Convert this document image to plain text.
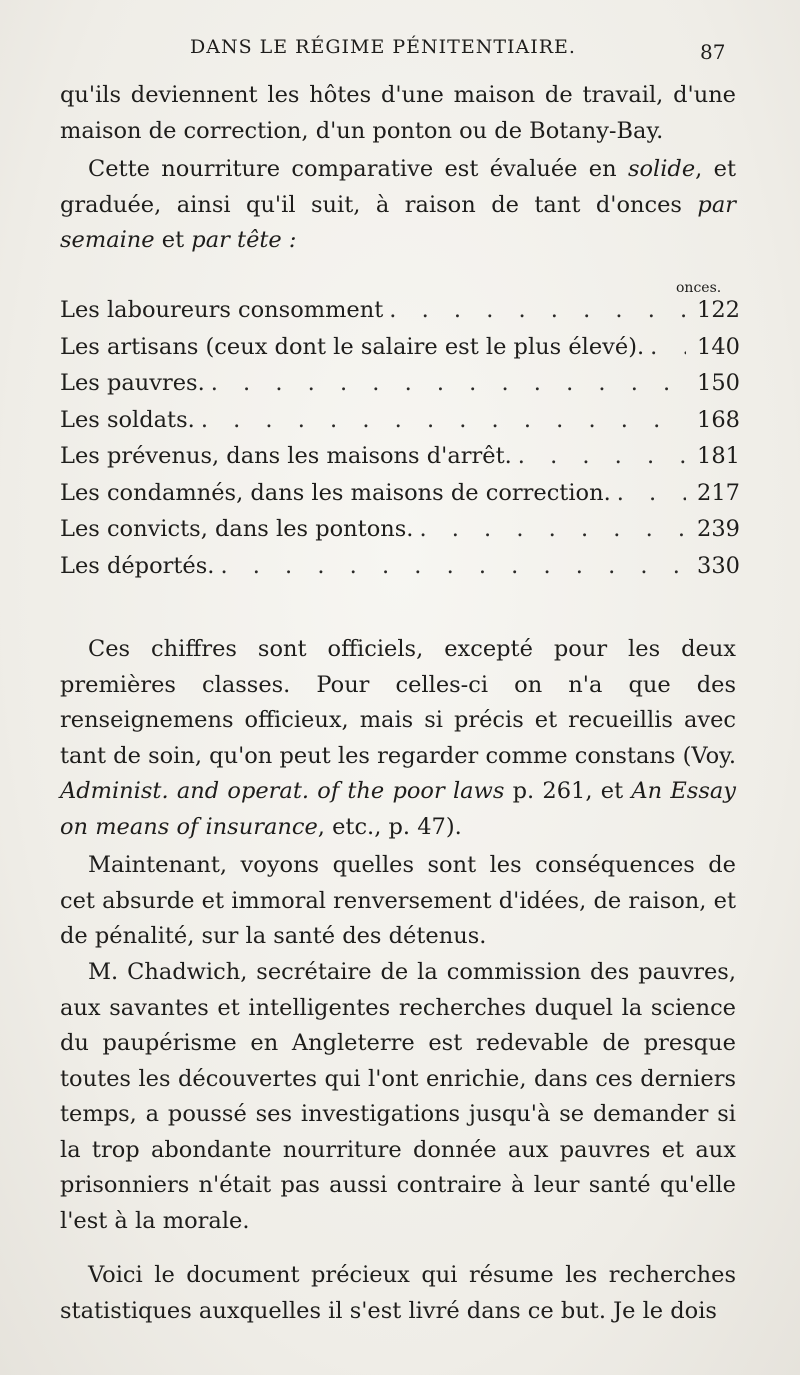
DANS LE RÉGIME PÉNITENTIAIRE.	87

qu'ils deviennent les hôtes d'une maison de travail, d'une maison de correction, d'un ponton ou de Botany-Bay.

Cette nourriture comparative est évaluée en solide, et graduée, ainsi qu'il suit, à raison de tant d'onces par semaine et par tête :

onces.
Les laboureurs consomment . . .	122
Les artisans (ceux dont le salaire est le plus élevé). . . .	140
Les pauvres. . . .	150
Les soldats. . . .	168
Les prévenus, dans les maisons d'arrêt. . . .	181
Les condamnés, dans les maisons de correction. . . .	217
Les convicts, dans les pontons. . . .	239
Les déportés. . . .	330

Ces chiffres sont officiels, excepté pour les deux premières classes. Pour celles-ci on n'a que des renseignemens officieux, mais si précis et recueillis avec tant de soin, qu'on peut les regarder comme constans (Voy. Administ. and operat. of the poor laws p. 261, et An Essay on means of insurance, etc., p. 47).

Maintenant, voyons quelles sont les conséquences de cet absurde et immoral renversement d'idées, de raison, et de pénalité, sur la santé des détenus.

M. Chadwich, secrétaire de la commission des pauvres, aux savantes et intelligentes recherches duquel la science du paupérisme en Angleterre est redevable de presque toutes les découvertes qui l'ont enrichie, dans ces derniers temps, a poussé ses investigations jusqu'à se demander si la trop abondante nourriture donnée aux pauvres et aux prisonniers n'était pas aussi contraire à leur santé qu'elle l'est à la morale.

Voici le document précieux qui résume les recherches statistiques auxquelles il s'est livré dans ce but. Je le dois
